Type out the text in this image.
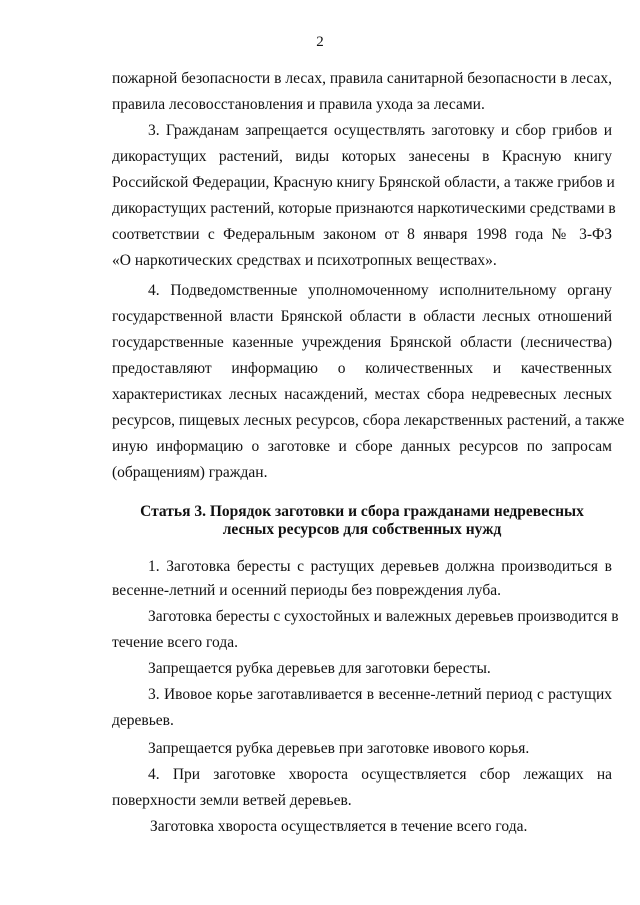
2
пожарной безопасности в лесах, правила санитарной безопасности в лесах,
правила лесовосстановления и правила ухода за лесами.
3. Гражданам запрещается осуществлять заготовку и сбор грибов и
дикорастущих растений, виды которых занесены в Красную книгу
Российской Федерации, Красную книгу Брянской области, а также грибов и
дикорастущих растений, которые признаются наркотическими средствами в
соответствии с Федеральным законом от 8 января 1998 года № 3-ФЗ
«О наркотических средствах и психотропных веществах».
4. Подведомственные уполномоченному исполнительному органу
государственной власти Брянской области в области лесных отношений
государственные казенные учреждения Брянской области (лесничества)
предоставляют информацию о количественных и качественных
характеристиках лесных насаждений, местах сбора недревесных лесных
ресурсов, пищевых лесных ресурсов, сбора лекарственных растений, а также
иную информацию о заготовке и сборе данных ресурсов по запросам
(обращениям) граждан.
Статья 3. Порядок заготовки и сбора гражданами недревесных
лесных ресурсов для собственных нужд
1. Заготовка бересты с растущих деревьев должна производиться в
весенне-летний и осенний периоды без повреждения луба.
Заготовка бересты с сухостойных и валежных деревьев производится в
течение всего года.
Запрещается рубка деревьев для заготовки бересты.
3. Ивовое корье заготавливается в весенне-летний период с растущих
деревьев.
Запрещается рубка деревьев при заготовке ивового корья.
4. При заготовке хвороста осуществляется сбор лежащих на
поверхности земли ветвей деревьев.
Заготовка хвороста осуществляется в течение всего года.
